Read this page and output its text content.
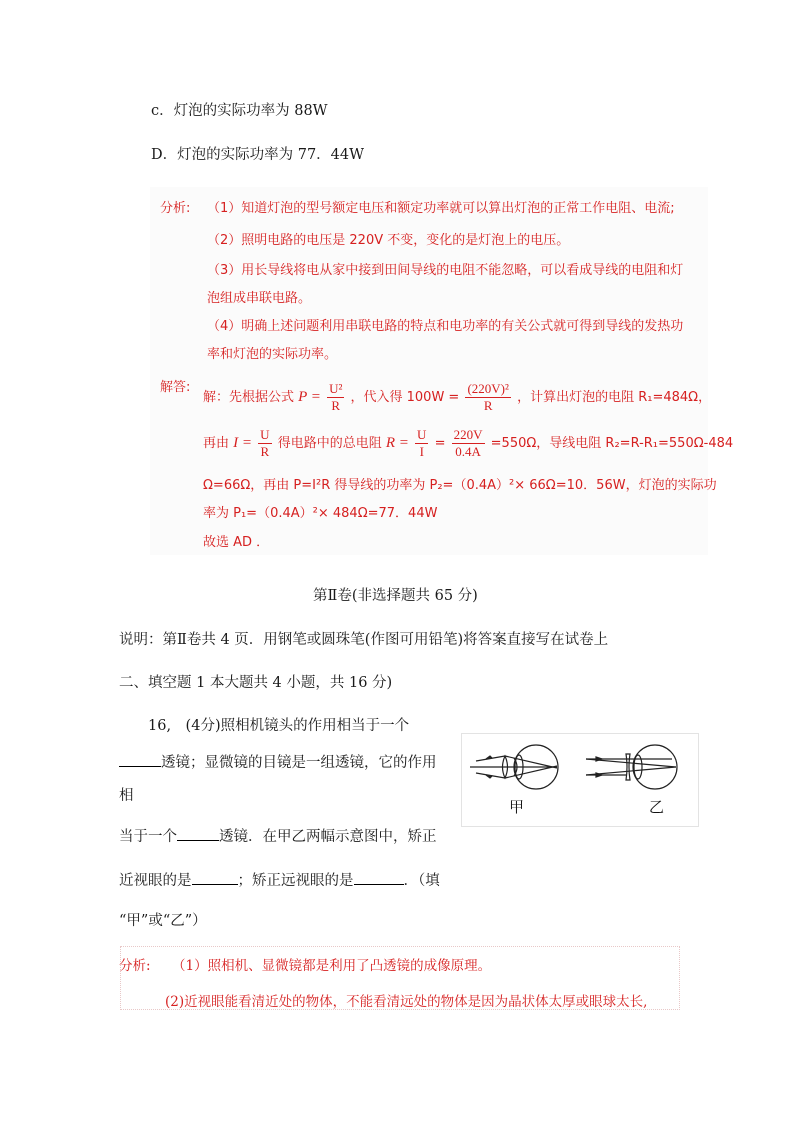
c．灯泡的实际功率为 88W
D．灯泡的实际功率为 77．44W
分析: （1）知道灯泡的型号额定电压和额定功率就可以算出灯泡的正常工作电阻、电流;
（2）照明电路的电压是 220V 不变，变化的是灯泡上的电压。
（3）用长导线将电从家中接到田间导线的电阻不能忽略，可以看成导线的电阻和灯
泡组成串联电路。
（4）明确上述问题利用串联电路的特点和电功率的有关公式就可得到导线的发热功
率和灯泡的实际功率。
解答:
解：先根据公式 $P = \frac{\text{U²}}{R}$ ，代入得 $100W = \frac{\text{(220V)²}}{R}$ ，计算出灯泡的电阻 R₁=484Ω，
再由 $I = \frac{U}{R}$ 得电路中的总电阻 $R = \frac{U}{I} = \frac{220V}{0.4A} =550\Omega$，导线电阻 R₂=R-R₁=550Ω-484
Ω=66Ω，再由 P=I²R 得导线的功率为 P₂=（0.4A）²× 66Ω=10．56W，灯泡的实际功
率为 P₁=（0.4A）²× 484Ω=77．44W
故选 AD ．
第Ⅱ卷(非选择题共 65 分)
说明：第Ⅱ卷共 4 页．用钢笔或圆珠笔(作图可用铅笔)将答案直接写在试卷上
二、填空题 1 本大题共 4 小题，共 16 分)
16, (4分)照相机镜头的作用相当于一个
透镜；显微镜的目镜是一组透镜，它的作用
相
当于一个	透镜．在甲乙两幅示意图中，矫正
近视眼的是	；矫正远视眼的是	．（填
“甲”或“乙”）
甲	乙
分析: （1）照相机、显微镜都是利用了凸透镜的成像原理。
(2)近视眼能看清近处的物体，不能看清远处的物体是因为晶状体太厚或眼球太长,
